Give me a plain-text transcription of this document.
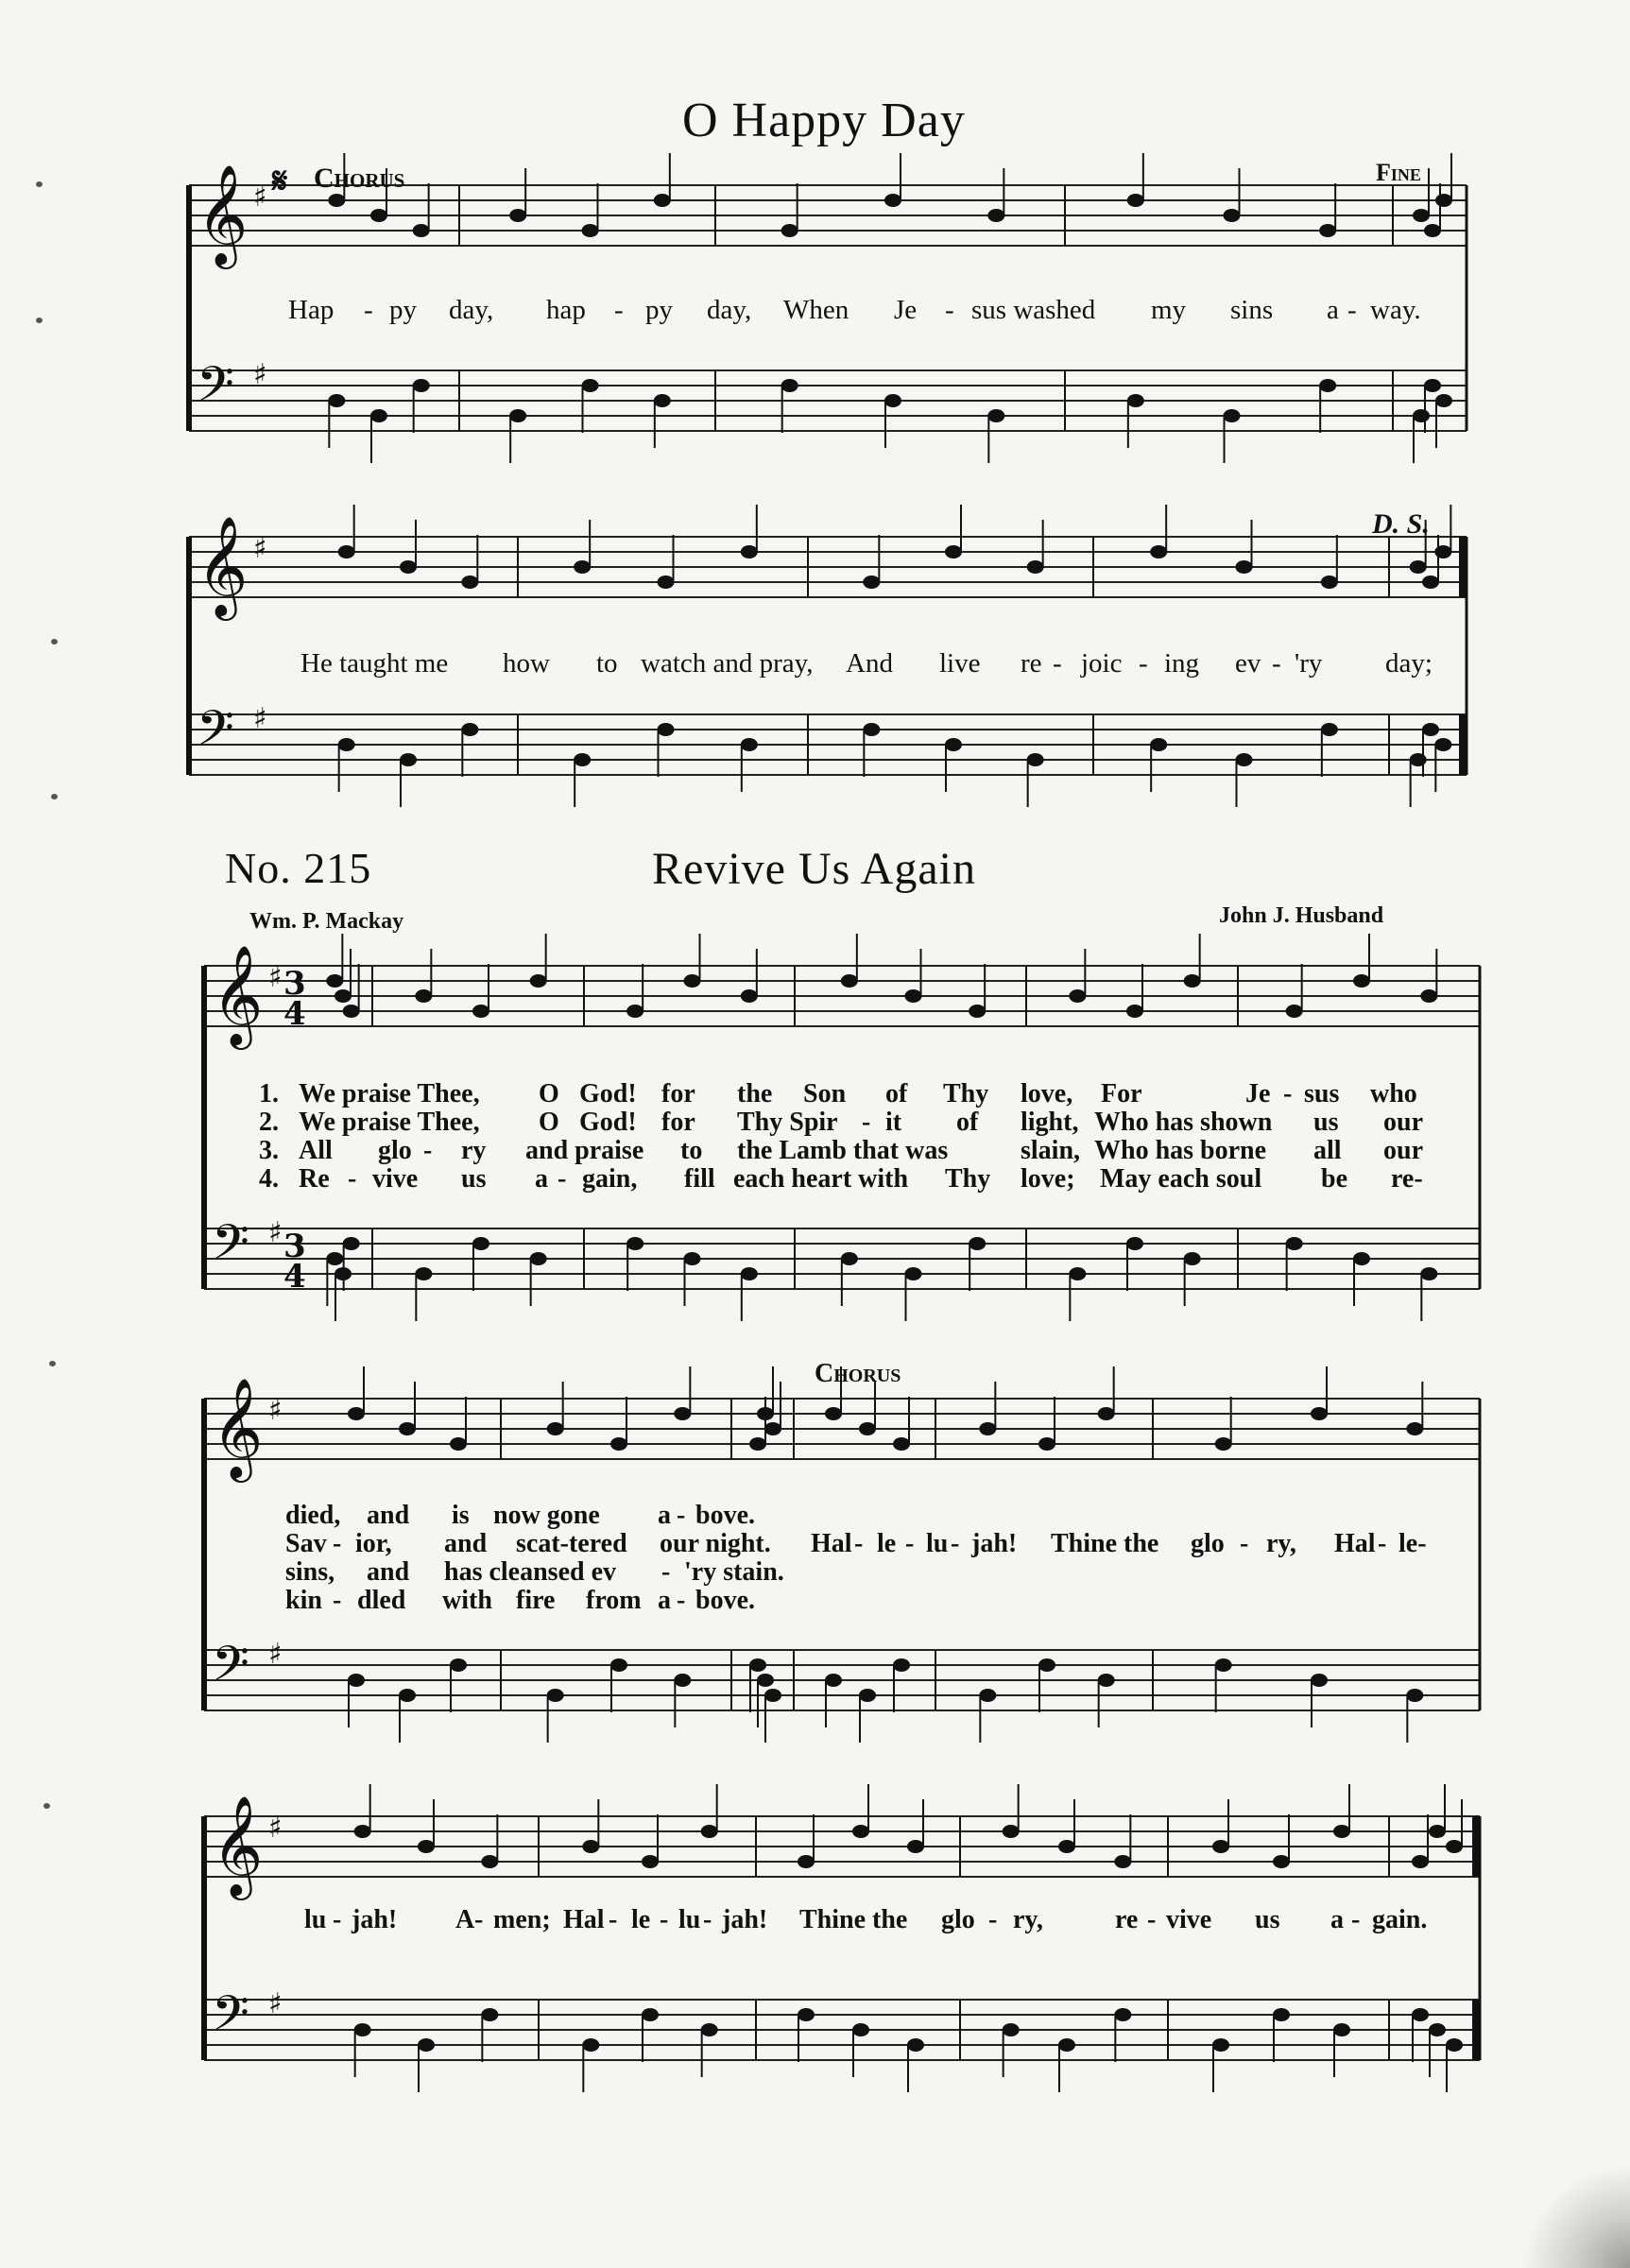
𝄞 ♯
𝄢 ♯
𝄞 ♯
𝄢 ♯
𝄞 ♯
𝄢 ♯
𝄞 ♯
𝄢 ♯
𝄞 ♯
𝄢 ♯
3
4
3
4
O Happy Day
𝄋 Chorus	Fine
Hap - py day, hap - py day, When Je - sus washed my sins a - way.
D. S.
He taught me how to watch and pray, And live re - joic - ing ev - 'ry day;
No. 215	Revive Us Again
Wm. P. Mackay	John J. Husband
1. We praise Thee, O God! for the Son of Thy love, For	Je - sus who
2. We praise Thee, O God! for Thy Spir - it of light, Who has shown us our
3. All glo - ry and praise to the Lamb that was	slain, Who has borne all our
4. Re - vive us a - gain, fill each heart with Thy love; May each soul be re-
Chorus
died, and is now gone a - bove.
Sav - ior, and scat-tered our night. Hal - le - lu - jah! Thine the glo - ry, Hal - le-
sins, and has cleansed ev - 'ry stain.
kin - dled with fire from a - bove.
lu - jah! A - men; Hal - le - lu - jah! Thine the glo - ry,	re - vive us a - gain.
